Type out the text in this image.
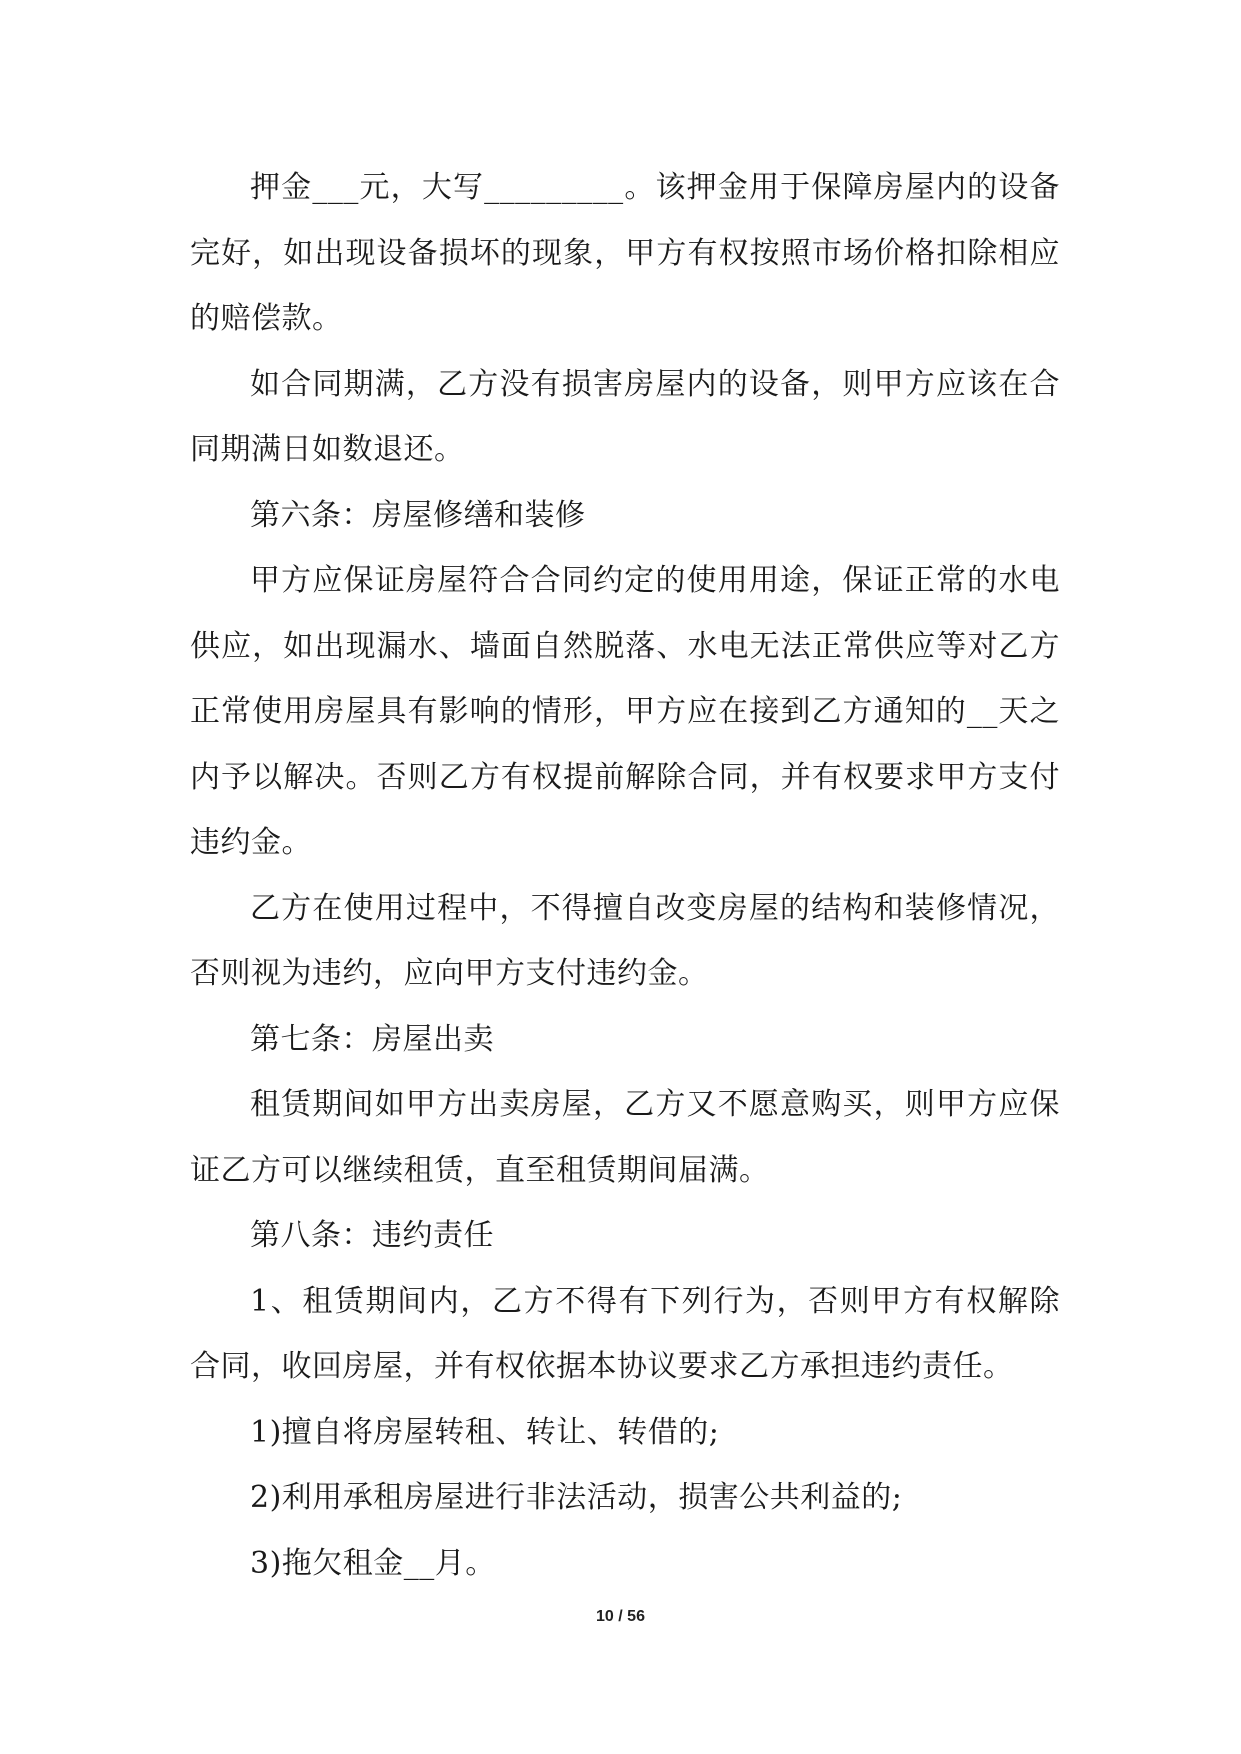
押金___元，大写_________。该押金用于保障房屋内的设备完好，如出现设备损坏的现象，甲方有权按照市场价格扣除相应的赔偿款。

如合同期满，乙方没有损害房屋内的设备，则甲方应该在合同期满日如数退还。

第六条：房屋修缮和装修

甲方应保证房屋符合合同约定的使用用途，保证正常的水电供应，如出现漏水、墙面自然脱落、水电无法正常供应等对乙方正常使用房屋具有影响的情形，甲方应在接到乙方通知的__天之内予以解决。否则乙方有权提前解除合同，并有权要求甲方支付违约金。

乙方在使用过程中，不得擅自改变房屋的结构和装修情况，否则视为违约，应向甲方支付违约金。

第七条：房屋出卖

租赁期间如甲方出卖房屋，乙方又不愿意购买，则甲方应保证乙方可以继续租赁，直至租赁期间届满。

第八条：违约责任

1、租赁期间内，乙方不得有下列行为，否则甲方有权解除合同，收回房屋，并有权依据本协议要求乙方承担违约责任。

1)擅自将房屋转租、转让、转借的;

2)利用承租房屋进行非法活动，损害公共利益的;

3)拖欠租金__月。

10 / 56
